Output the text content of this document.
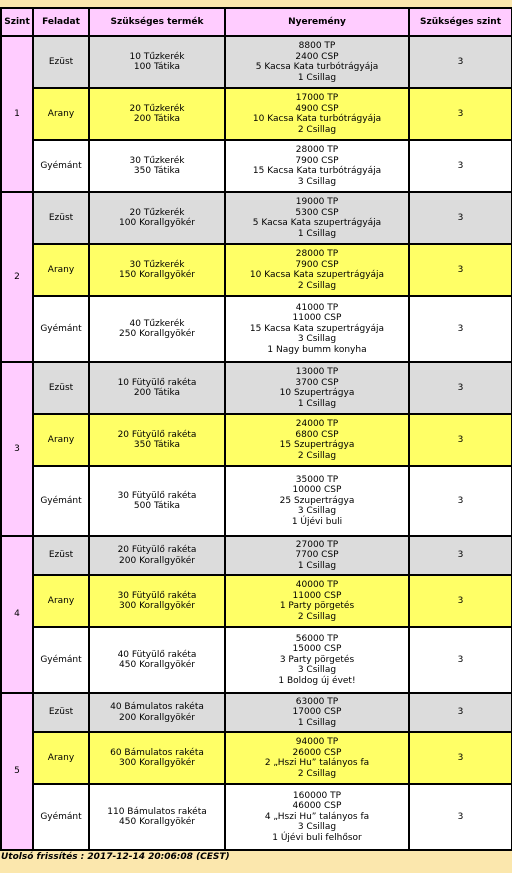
Szint	Feladat	Szükséges termék	Nyeremény	Szükséges szint
1	Ezüst	10 Tűzkerék
100 Tátika	8800 TP
2400 CSP
5 Kacsa Kata turbótrágyája
1 Csillag	3
	Arany	20 Tűzkerék
200 Tátika	17000 TP
4900 CSP
10 Kacsa Kata turbótrágyája
2 Csillag	3
	Gyémánt	30 Tűzkerék
350 Tátika	28000 TP
7900 CSP
15 Kacsa Kata turbótrágyája
3 Csillag	3
2	Ezüst	20 Tűzkerék
100 Korallgyökér	19000 TP
5300 CSP
5 Kacsa Kata szupertrágyája
1 Csillag	3
	Arany	30 Tűzkerék
150 Korallgyökér	28000 TP
7900 CSP
10 Kacsa Kata szupertrágyája
2 Csillag	3
	Gyémánt	40 Tűzkerék
250 Korallgyökér	41000 TP
11000 CSP
15 Kacsa Kata szupertrágyája
3 Csillag
1 Nagy bumm konyha	3
3	Ezüst	10 Fütyülő rakéta
200 Tátika	13000 TP
3700 CSP
10 Szupertrágya
1 Csillag	3
	Arany	20 Fütyülő rakéta
350 Tátika	24000 TP
6800 CSP
15 Szupertrágya
2 Csillag	3
	Gyémánt	30 Fütyülő rakéta
500 Tátika	35000 TP
10000 CSP
25 Szupertrágya
3 Csillag
1 Újévi buli	3
4	Ezüst	20 Fütyülő rakéta
200 Korallgyökér	27000 TP
7700 CSP
1 Csillag	3
	Arany	30 Fütyülő rakéta
300 Korallgyökér	40000 TP
11000 CSP
1 Party pörgetés
2 Csillag	3
	Gyémánt	40 Fütyülő rakéta
450 Korallgyökér	56000 TP
15000 CSP
3 Party pörgetés
3 Csillag
1 Boldog új évet!	3
5	Ezüst	40 Bámulatos rakéta
200 Korallgyökér	63000 TP
17000 CSP
1 Csillag	3
	Arany	60 Bámulatos rakéta
300 Korallgyökér	94000 TP
26000 CSP
2 „Hszi Hu” talányos fa
2 Csillag	3
	Gyémánt	110 Bámulatos rakéta
450 Korallgyökér	160000 TP
46000 CSP
4 „Hszi Hu” talányos fa
3 Csillag
1 Újévi buli felhősor	3
Utolsó frissítés : 2017-12-14 20:06:08 (CEST)
